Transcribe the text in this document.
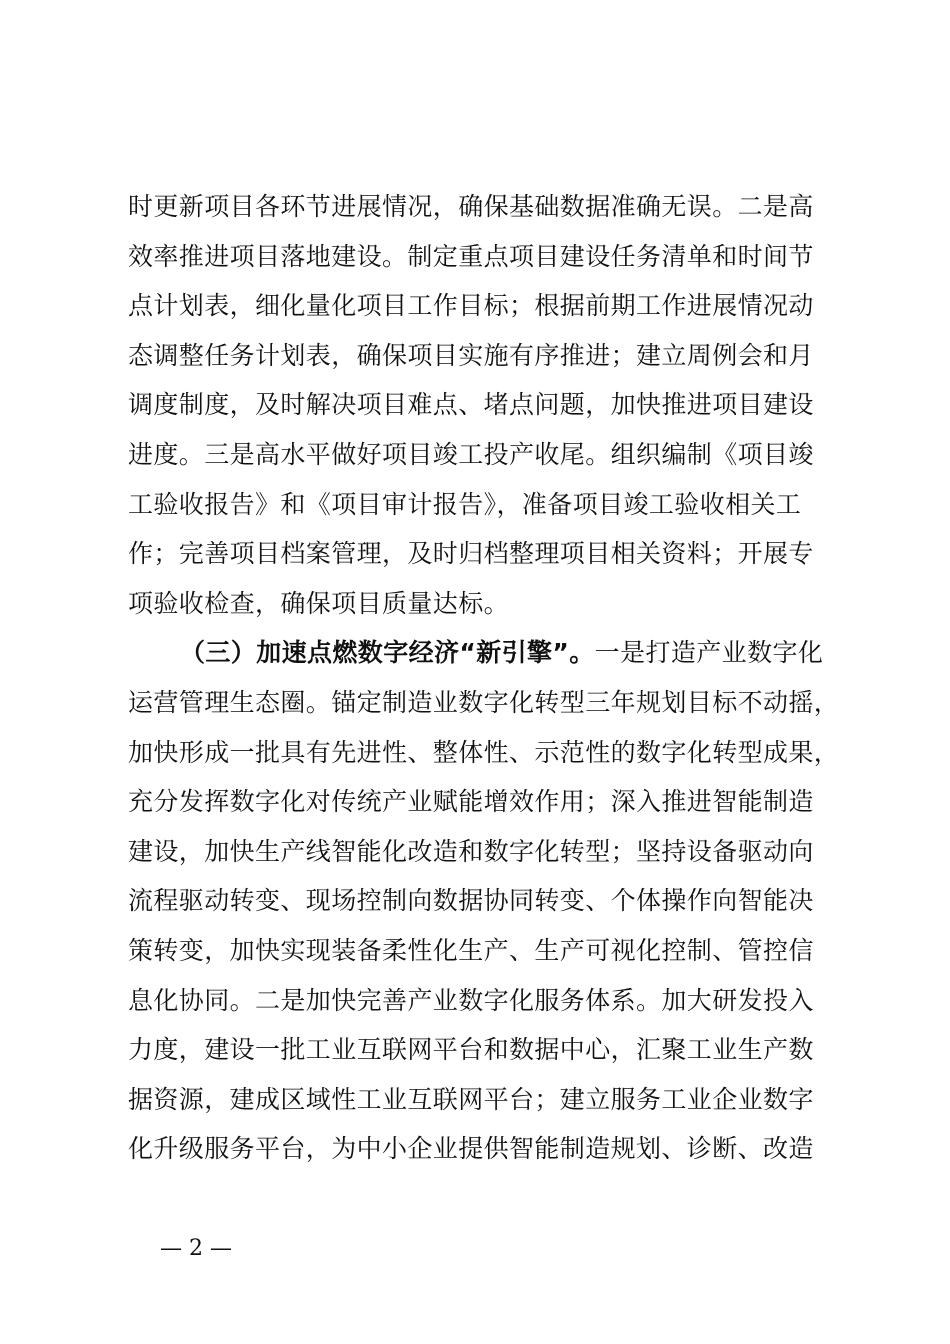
时更新项目各环节进展情况，确保基础数据准确无误。二是高
效率推进项目落地建设。制定重点项目建设任务清单和时间节
点计划表，细化量化项目工作目标；根据前期工作进展情况动
态调整任务计划表，确保项目实施有序推进；建立周例会和月
调度制度，及时解决项目难点、堵点问题，加快推进项目建设
进度。三是高水平做好项目竣工投产收尾。组织编制《项目竣
工验收报告》和《项目审计报告》，准备项目竣工验收相关工
作；完善项目档案管理，及时归档整理项目相关资料；开展专
项验收检查，确保项目质量达标。
（三）加速点燃数字经济“新引擎”。一是打造产业数字化
运营管理生态圈。锚定制造业数字化转型三年规划目标不动摇，
加快形成一批具有先进性、整体性、示范性的数字化转型成果，
充分发挥数字化对传统产业赋能增效作用；深入推进智能制造
建设，加快生产线智能化改造和数字化转型；坚持设备驱动向
流程驱动转变、现场控制向数据协同转变、个体操作向智能决
策转变，加快实现装备柔性化生产、生产可视化控制、管控信
息化协同。二是加快完善产业数字化服务体系。加大研发投入
力度，建设一批工业互联网平台和数据中心，汇聚工业生产数
据资源，建成区域性工业互联网平台；建立服务工业企业数字
化升级服务平台，为中小企业提供智能制造规划、诊断、改造
— 2 —
